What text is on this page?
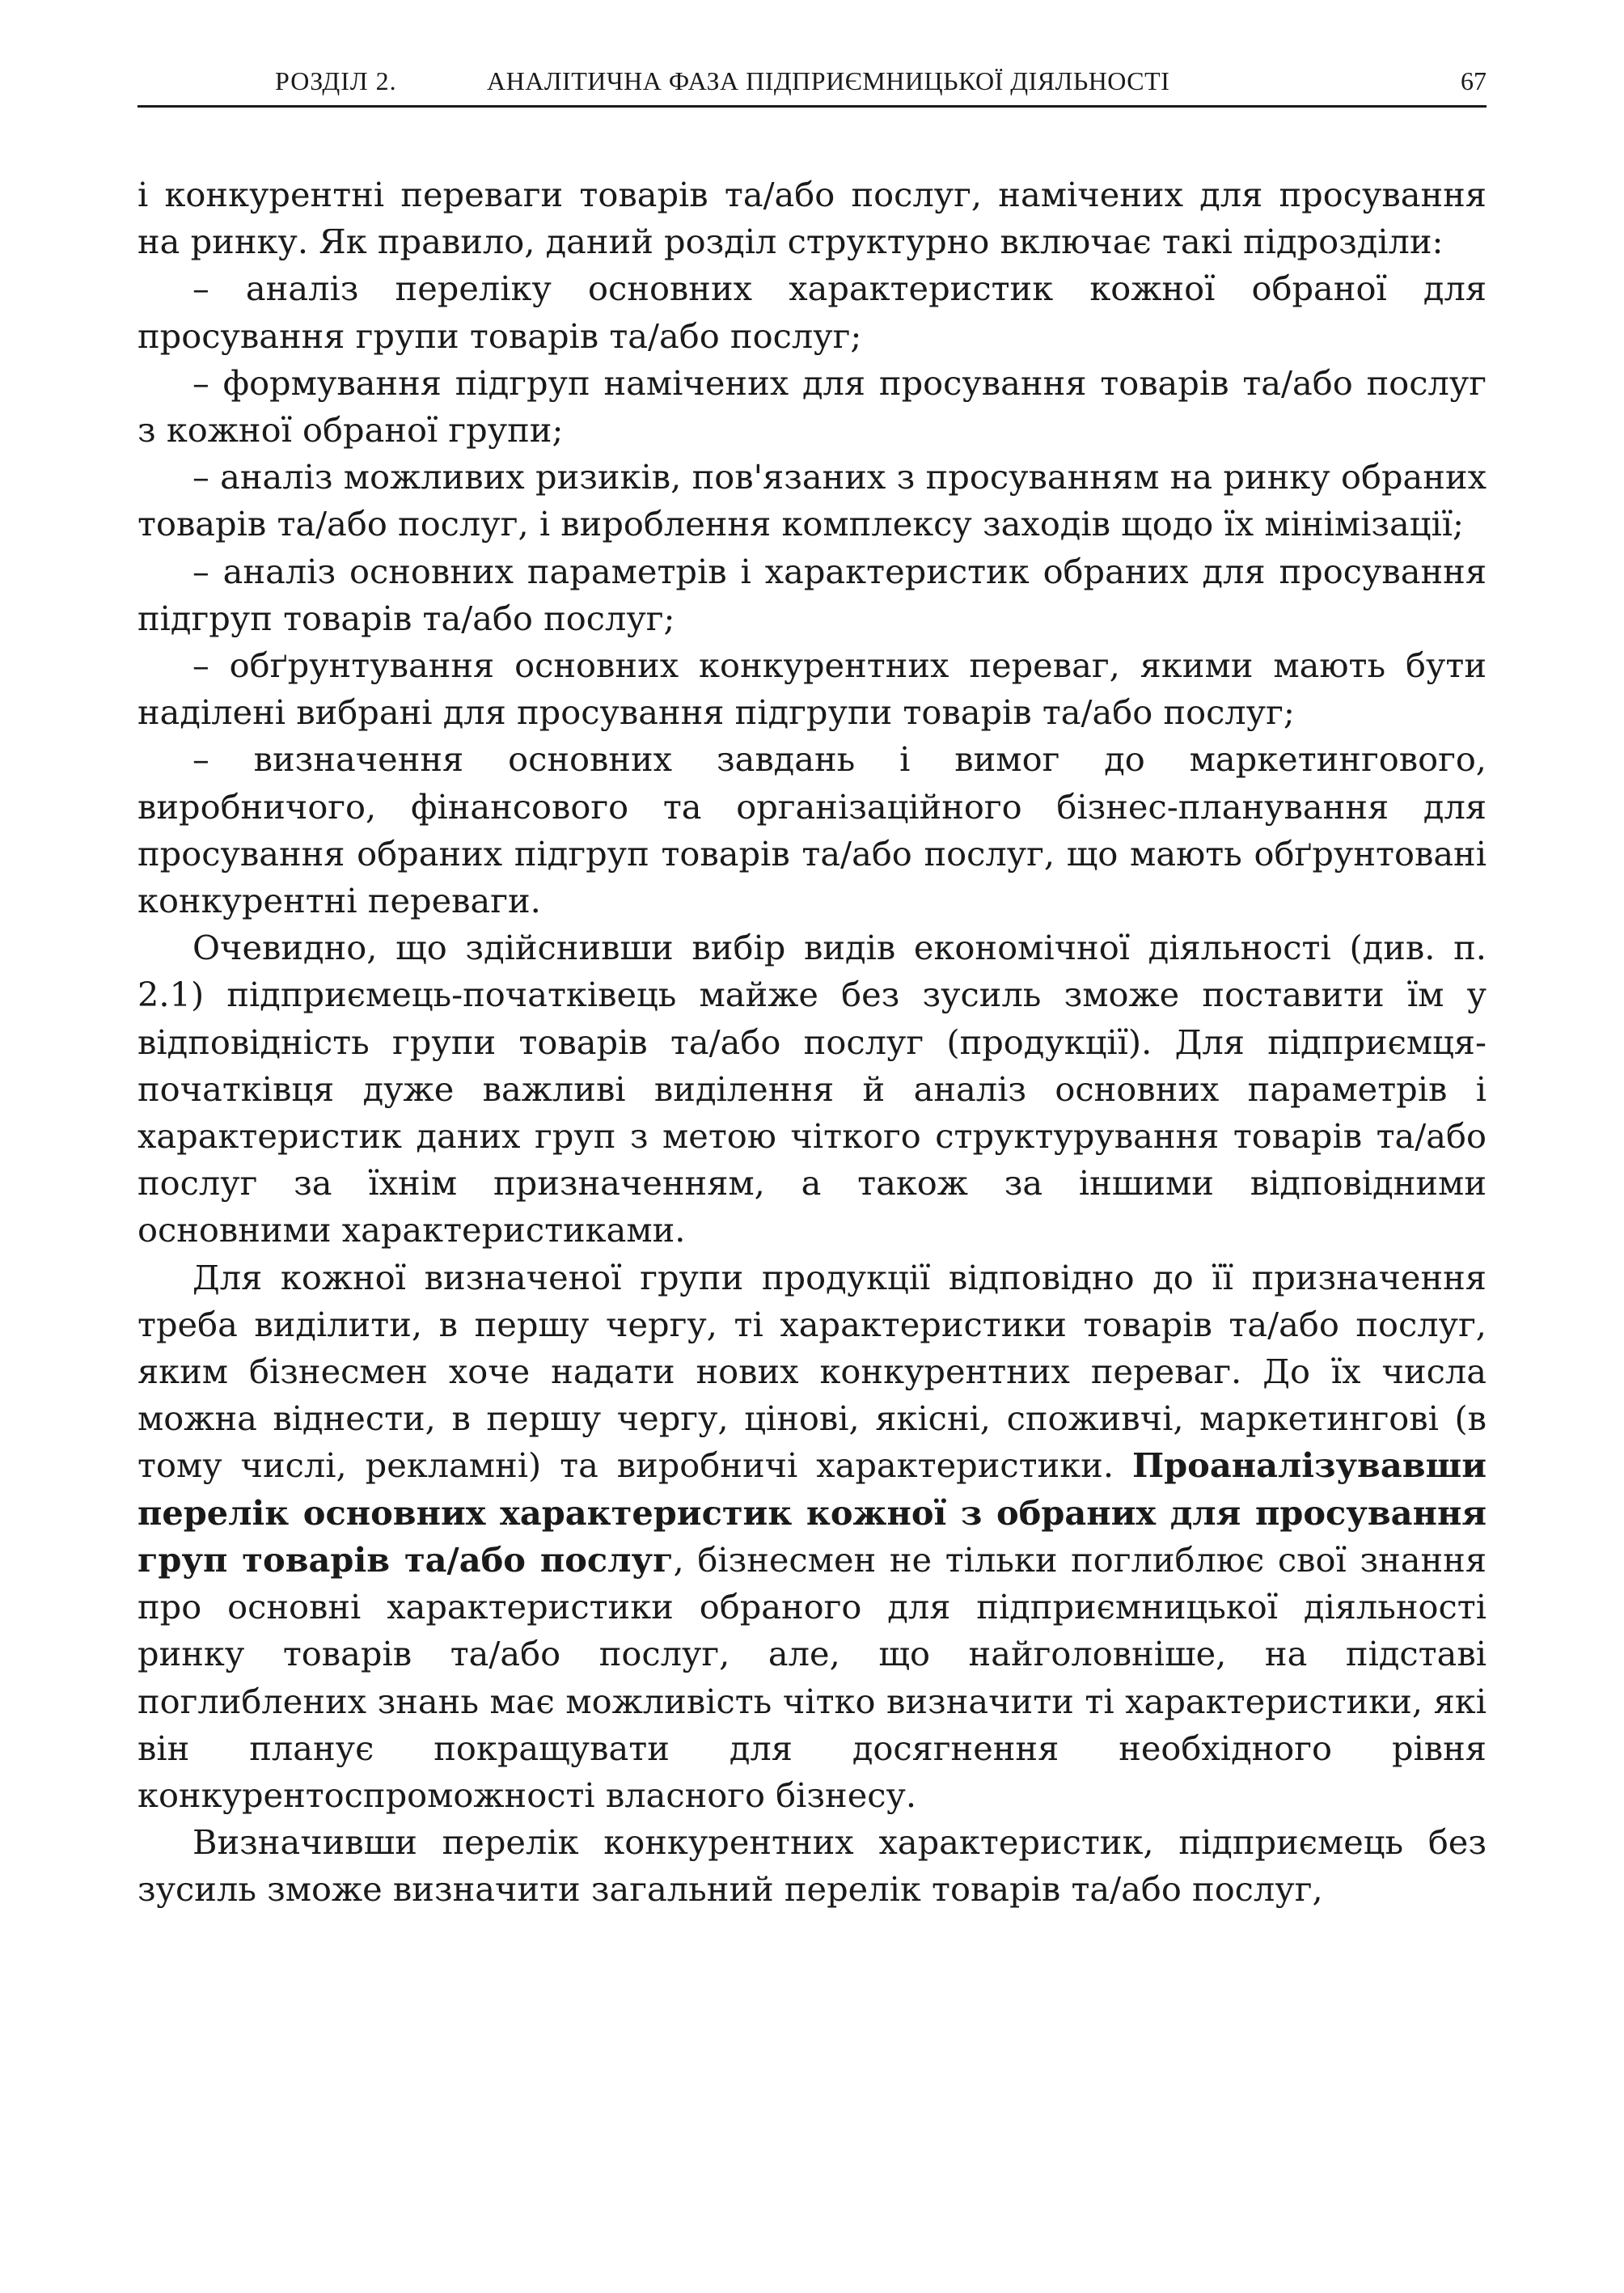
РОЗДІЛ 2.	АНАЛІТИЧНА ФАЗА ПІДПРИЄМНИЦЬКОЇ ДІЯЛЬНОСТІ	67

і конкурентні переваги товарів та/або послуг, намічених для просування на ринку. Як правило, даний розділ структурно включає такі підрозділи:

– аналіз переліку основних характеристик кожної обраної для просування групи товарів та/або послуг;

– формування підгруп намічених для просування товарів та/або послуг з кожної обраної групи;

– аналіз можливих ризиків, пов'язаних з просуванням на ринку обраних товарів та/або послуг, і вироблення комплексу заходів щодо їх мінімізації;

– аналіз основних параметрів і характеристик обраних для просування підгруп товарів та/або послуг;

– обґрунтування основних конкурентних переваг, якими мають бути наділені вибрані для просування підгрупи товарів та/або послуг;

– визначення основних завдань і вимог до маркетингового, виробничого, фінансового та організаційного бізнес-планування для просування обраних підгруп товарів та/або послуг, що мають обґрунтовані конкурентні переваги.

Очевидно, що здійснивши вибір видів економічної діяльності (див. п. 2.1) підприємець-початківець майже без зусиль зможе поставити їм у відповідність групи товарів та/або послуг (продукції). Для підприємця-початківця дуже важливі виділення й аналіз основних параметрів і характеристик даних груп з метою чіткого структурування товарів та/або послуг за їхнім призначенням, а також за іншими відповідними основними характеристиками.

Для кожної визначеної групи продукції відповідно до її призначення треба виділити, в першу чергу, ті характеристики товарів та/або послуг, яким бізнесмен хоче надати нових конкурентних переваг. До їх числа можна віднести, в першу чергу, цінові, якісні, споживчі, маркетингові (в тому числі, рекламні) та виробничі характеристики. Проаналізувавши перелік основних характеристик кожної з обраних для просування груп товарів та/або послуг, бізнесмен не тільки поглиблює свої знання про основні характеристики обраного для підприємницької діяльності ринку товарів та/або послуг, але, що найголовніше, на підставі поглиблених знань має можливість чітко визначити ті характеристики, які він планує покращувати для досягнення необхідного рівня конкурентоспроможності власного бізнесу.

Визначивши перелік конкурентних характеристик, підприємець без зусиль зможе визначити загальний перелік товарів та/або послуг,
